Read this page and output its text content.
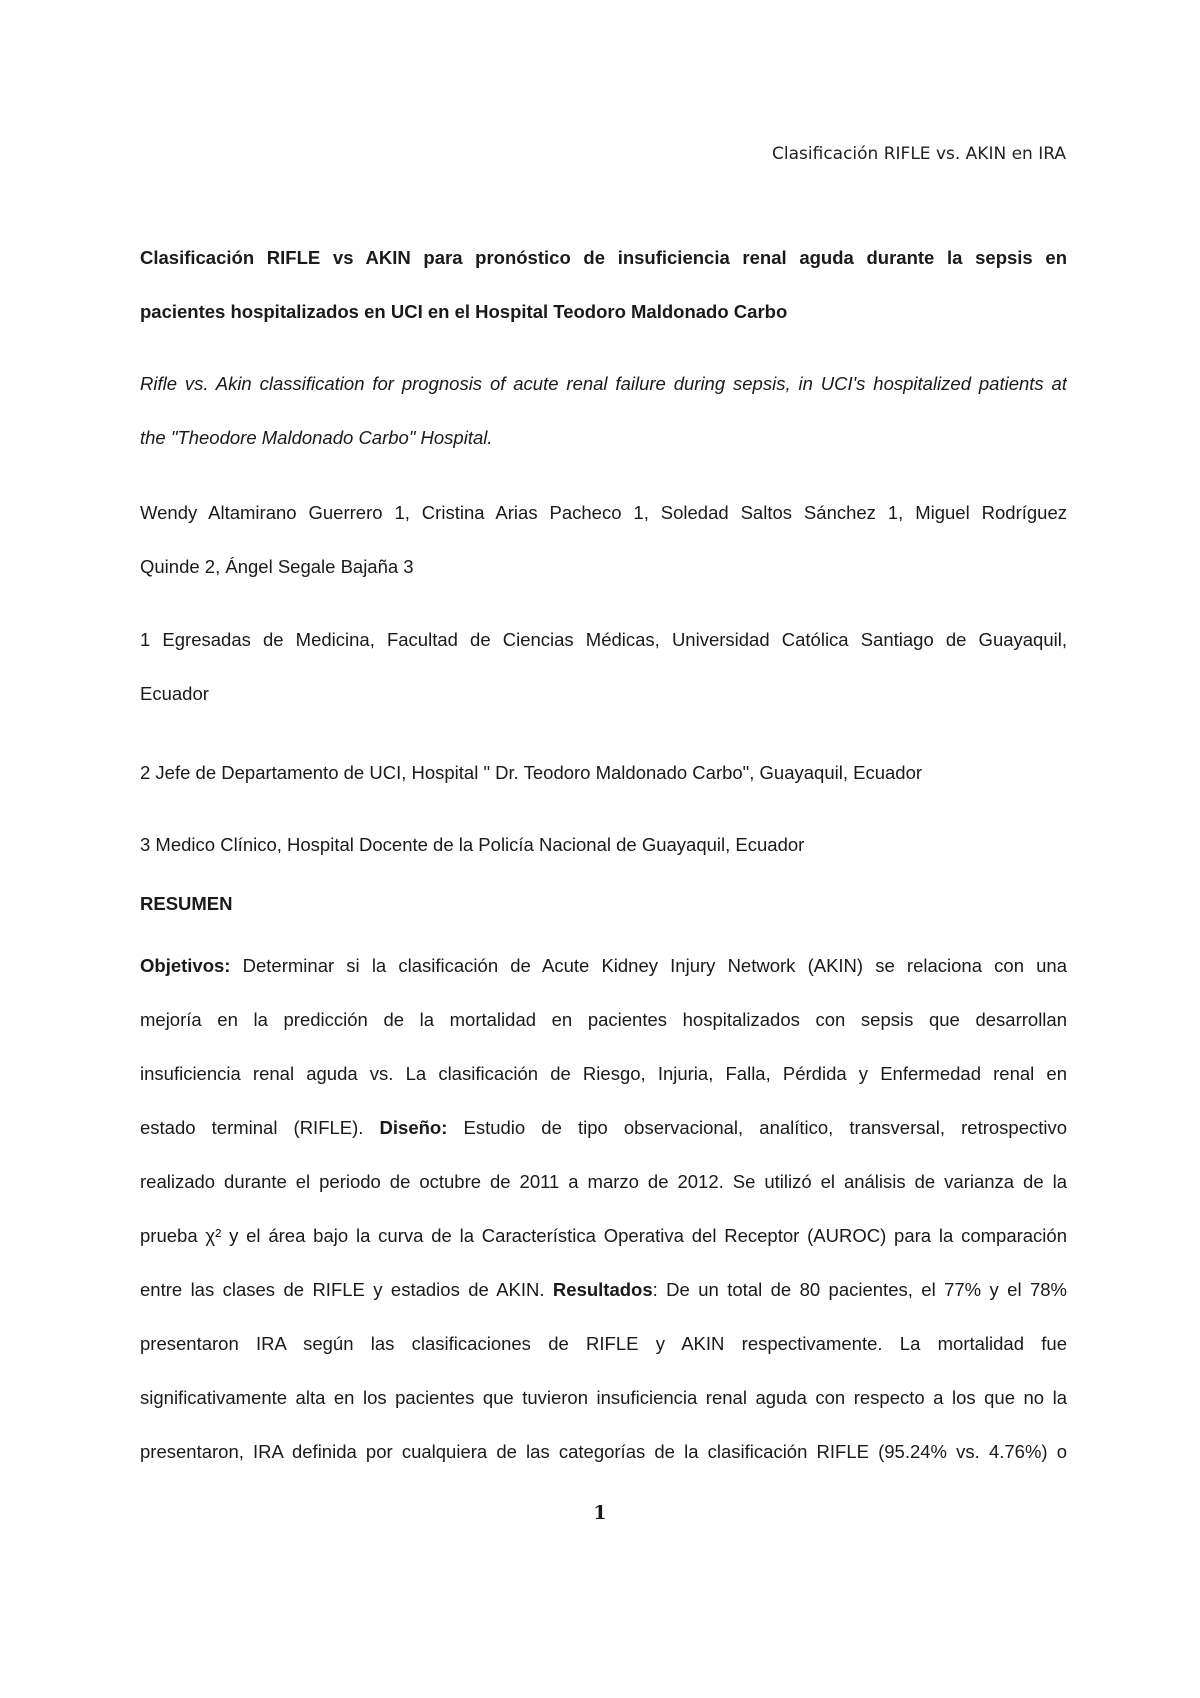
Clasificación RIFLE vs. AKIN en IRA
Clasificación RIFLE vs AKIN para pronóstico de insuficiencia renal aguda durante la sepsis en
pacientes hospitalizados en UCI en el Hospital Teodoro Maldonado Carbo
Rifle vs. Akin classification for prognosis of acute renal failure during sepsis, in UCI's hospitalized patients at
the "Theodore Maldonado Carbo" Hospital.
Wendy Altamirano Guerrero 1, Cristina Arias Pacheco 1, Soledad Saltos Sánchez 1, Miguel Rodríguez
Quinde 2, Ángel Segale Bajaña 3
1 Egresadas de Medicina, Facultad de Ciencias Médicas, Universidad Católica Santiago de Guayaquil,
Ecuador
2 Jefe de Departamento de UCI, Hospital " Dr. Teodoro Maldonado Carbo", Guayaquil, Ecuador
3 Medico Clínico, Hospital Docente de la Policía Nacional de Guayaquil, Ecuador
RESUMEN
Objetivos: Determinar si la clasificación de Acute Kidney Injury Network (AKIN) se relaciona con una
mejoría en la predicción de la mortalidad en pacientes hospitalizados con sepsis que desarrollan
insuficiencia renal aguda vs. La clasificación de Riesgo, Injuria, Falla, Pérdida y Enfermedad renal en
estado terminal (RIFLE). Diseño: Estudio de tipo observacional, analítico, transversal, retrospectivo
realizado durante el periodo de octubre de 2011 a marzo de 2012. Se utilizó el análisis de varianza de la
prueba χ² y el área bajo la curva de la Característica Operativa del Receptor (AUROC) para la comparación
entre las clases de RIFLE y estadios de AKIN. Resultados: De un total de 80 pacientes, el 77% y el 78%
presentaron IRA según las clasificaciones de RIFLE y AKIN respectivamente. La mortalidad fue
significativamente alta en los pacientes que tuvieron insuficiencia renal aguda con respecto a los que no la
presentaron, IRA definida por cualquiera de las categorías de la clasificación RIFLE (95.24% vs. 4.76%) o
1
